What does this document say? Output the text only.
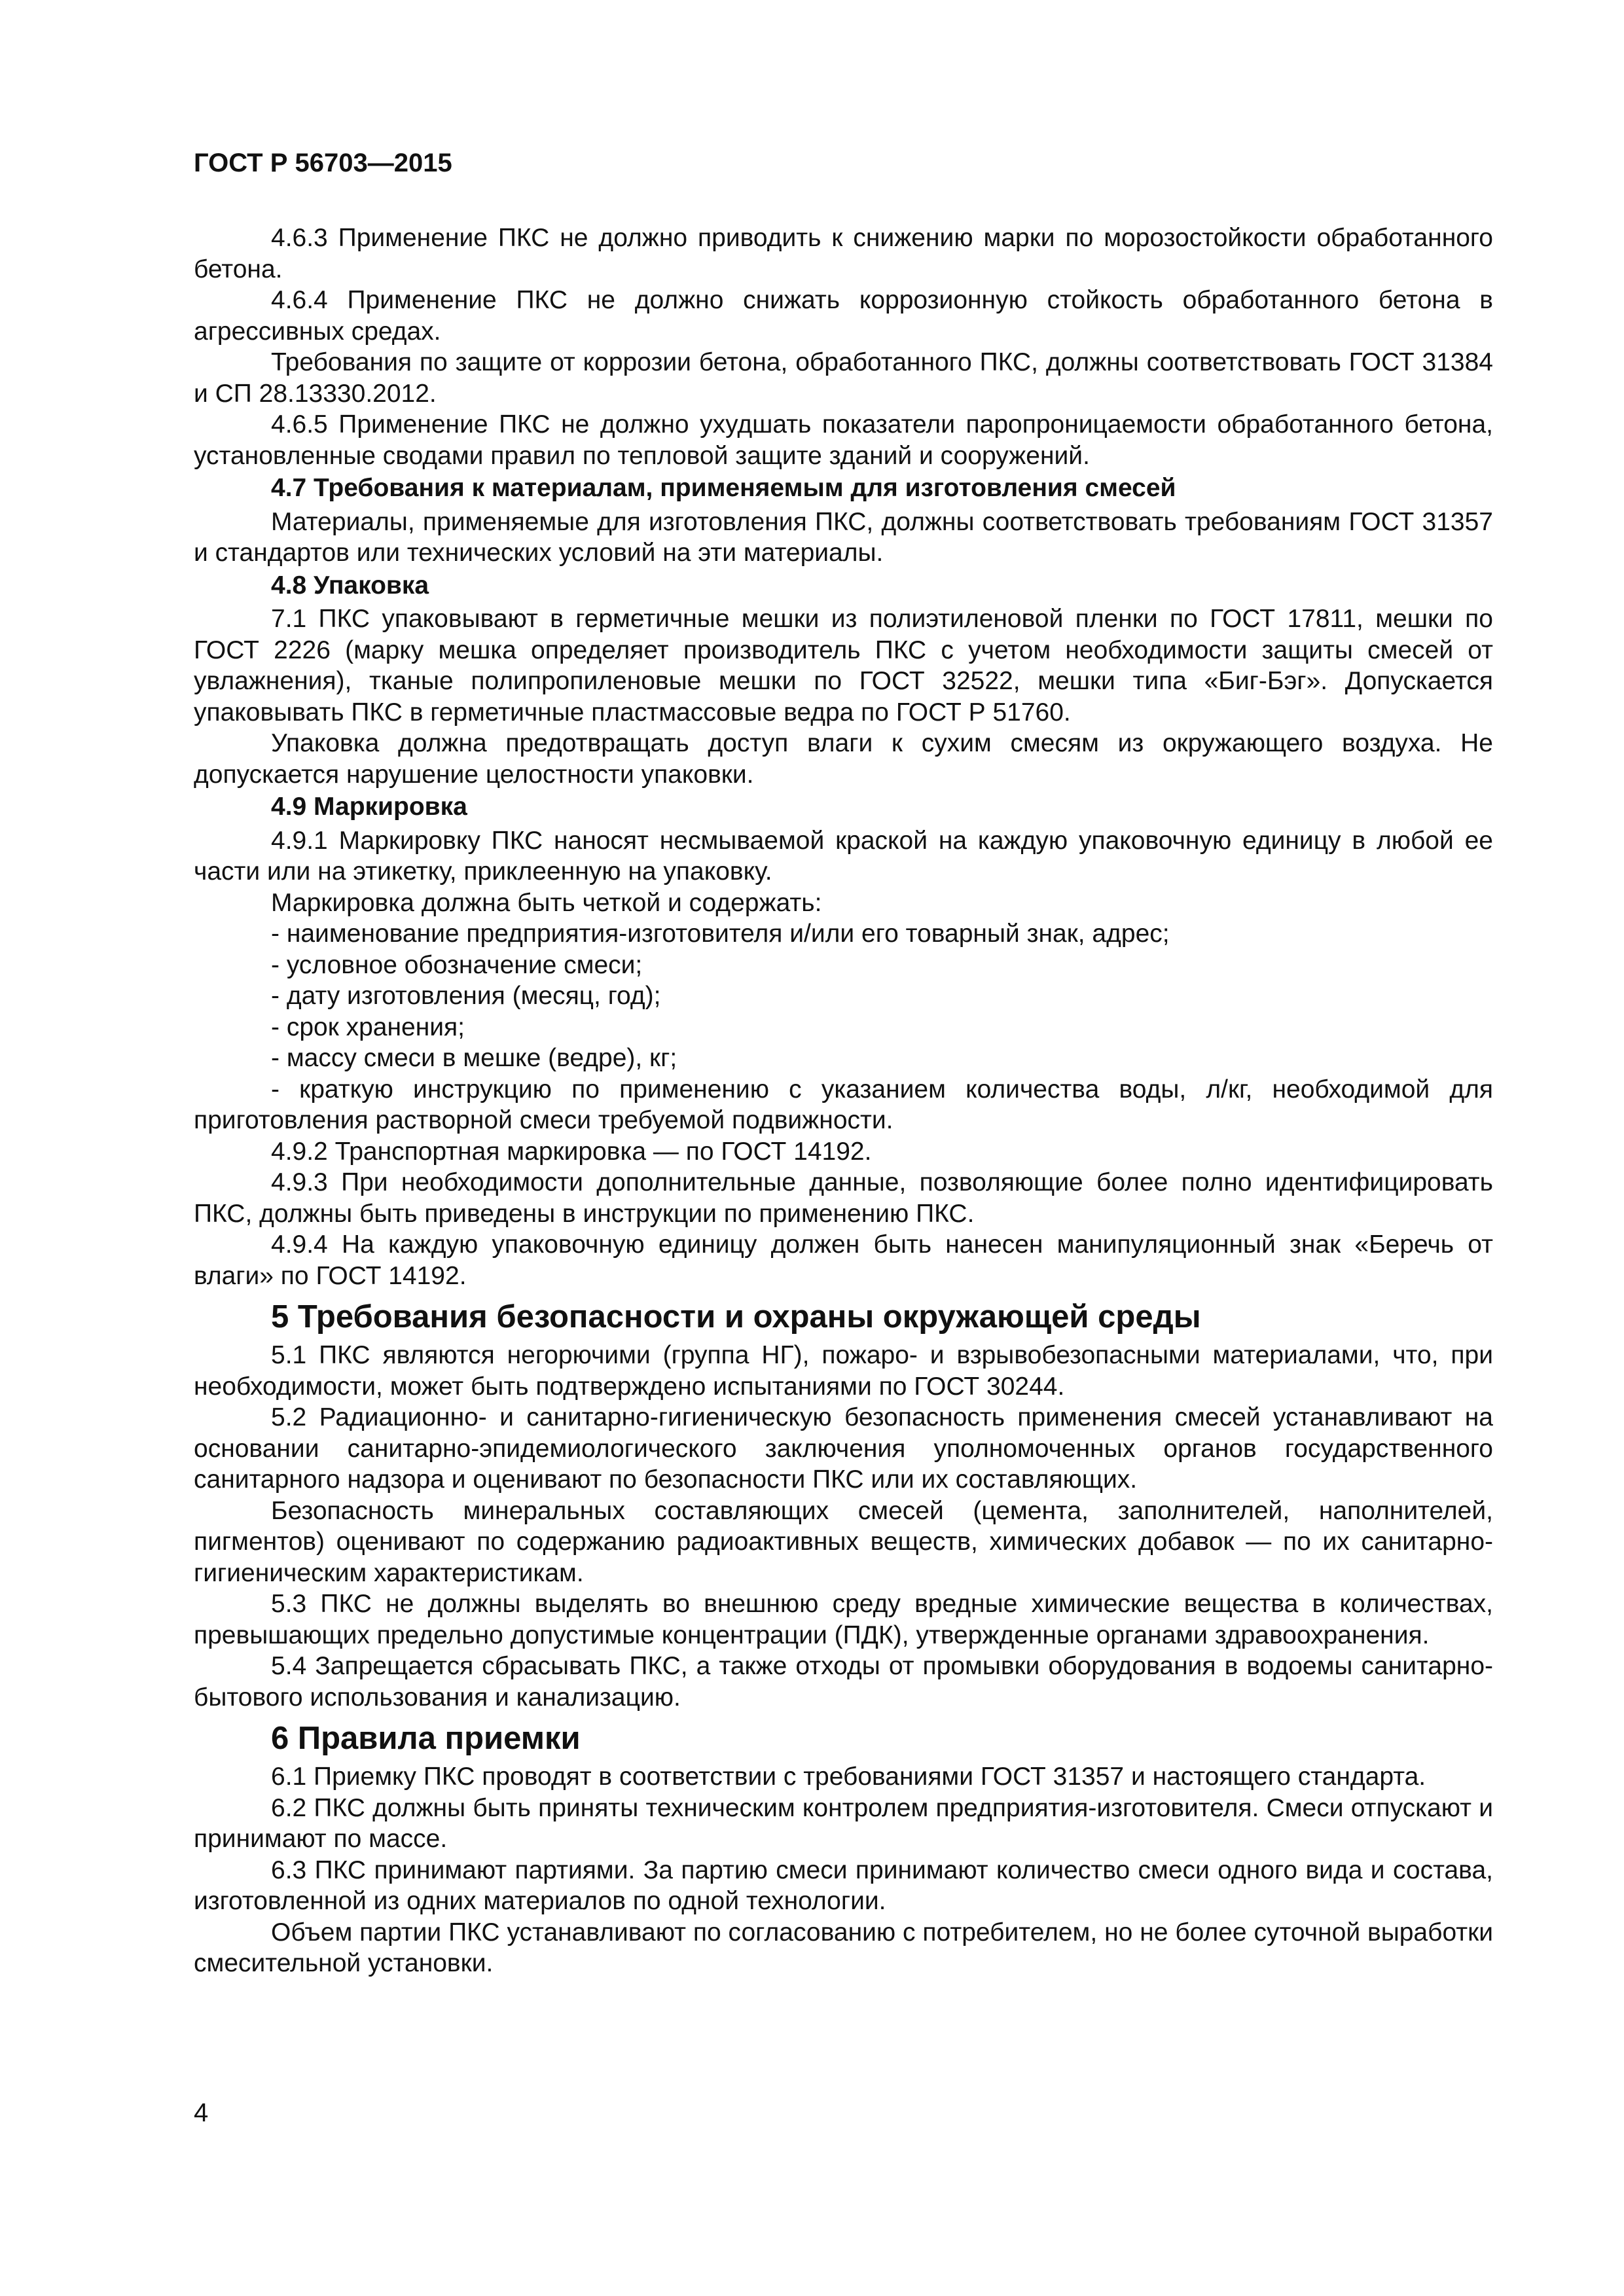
ГОСТ Р 56703—2015

4.6.3 Применение ПКС не должно приводить к снижению марки по морозостойкости обработанного бетона.

4.6.4 Применение ПКС не должно снижать коррозионную стойкость обработанного бетона в агрессивных средах.

Требования по защите от коррозии бетона, обработанного ПКС, должны соответствовать ГОСТ 31384 и СП 28.13330.2012.

4.6.5 Применение ПКС не должно ухудшать показатели паропроницаемости обработанного бетона, установленные сводами правил по тепловой защите зданий и сооружений.

4.7 Требования к материалам, применяемым для изготовления смесей

Материалы, применяемые для изготовления ПКС, должны соответствовать требованиям ГОСТ 31357 и стандартов или технических условий на эти материалы.

4.8 Упаковка

7.1 ПКС упаковывают в герметичные мешки из полиэтиленовой пленки по ГОСТ 17811, мешки по ГОСТ 2226 (марку мешка определяет производитель ПКС с учетом необходимости защиты смесей от увлажнения), тканые полипропиленовые мешки по ГОСТ 32522, мешки типа «Биг-Бэг». Допускается упаковывать ПКС в герметичные пластмассовые ведра по ГОСТ Р 51760.

Упаковка должна предотвращать доступ влаги к сухим смесям из окружающего воздуха. Не допускается нарушение целостности упаковки.

4.9 Маркировка

4.9.1 Маркировку ПКС наносят несмываемой краской на каждую упаковочную единицу в любой ее части или на этикетку, приклеенную на упаковку.

Маркировка должна быть четкой и содержать:

- наименование предприятия-изготовителя и/или его товарный знак, адрес;
- условное обозначение смеси;
- дату изготовления (месяц, год);
- срок хранения;
- массу смеси в мешке (ведре), кг;
- краткую инструкцию по применению с указанием количества воды, л/кг, необходимой для приготовления растворной смеси требуемой подвижности.

4.9.2 Транспортная маркировка — по ГОСТ 14192.

4.9.3 При необходимости дополнительные данные, позволяющие более полно идентифицировать ПКС, должны быть приведены в инструкции по применению ПКС.

4.9.4 На каждую упаковочную единицу должен быть нанесен манипуляционный знак «Беречь от влаги» по ГОСТ 14192.

5 Требования безопасности и охраны окружающей среды

5.1 ПКС являются негорючими (группа НГ), пожаро- и взрывобезопасными материалами, что, при необходимости, может быть подтверждено испытаниями по ГОСТ 30244.

5.2 Радиационно- и санитарно-гигиеническую безопасность применения смесей устанавливают на основании санитарно-эпидемиологического заключения уполномоченных органов государственного санитарного надзора и оценивают по безопасности ПКС или их составляющих.

Безопасность минеральных составляющих смесей (цемента, заполнителей, наполнителей, пигментов) оценивают по содержанию радиоактивных веществ, химических добавок — по их санитарно-гигиеническим характеристикам.

5.3 ПКС не должны выделять во внешнюю среду вредные химические вещества в количествах, превышающих предельно допустимые концентрации (ПДК), утвержденные органами здравоохранения.

5.4 Запрещается сбрасывать ПКС, а также отходы от промывки оборудования в водоемы санитарно-бытового использования и канализацию.

6 Правила приемки

6.1 Приемку ПКС проводят в соответствии с требованиями ГОСТ 31357 и настоящего стандарта.

6.2 ПКС должны быть приняты техническим контролем предприятия-изготовителя. Смеси отпускают и принимают по массе.

6.3 ПКС принимают партиями. За партию смеси принимают количество смеси одного вида и состава, изготовленной из одних материалов по одной технологии.

Объем партии ПКС устанавливают по согласованию с потребителем, но не более суточной выработки смесительной установки.

4
